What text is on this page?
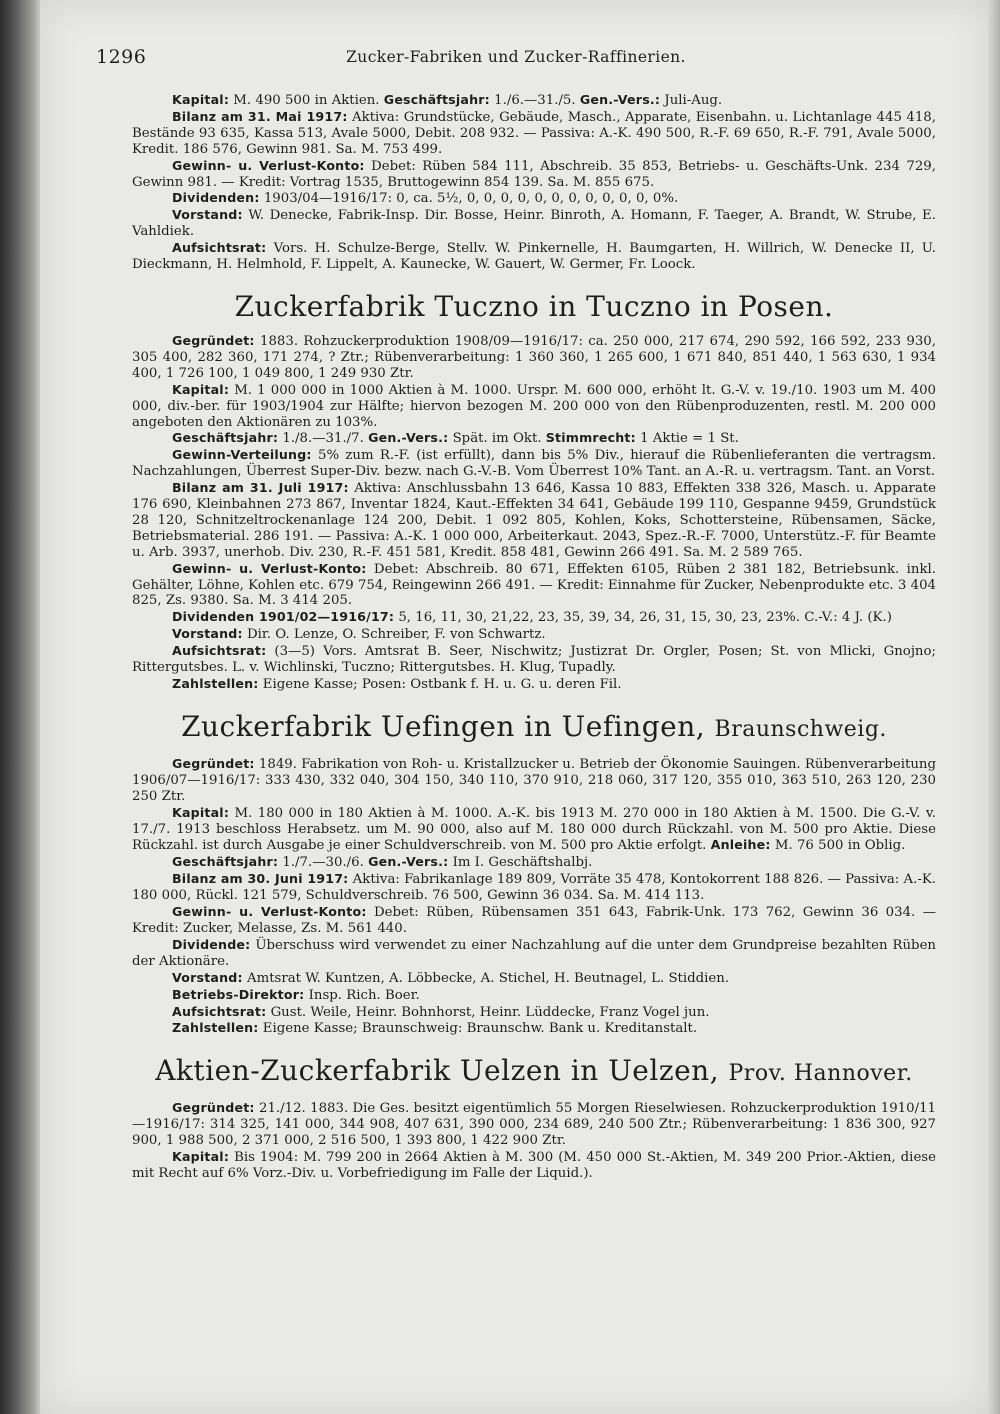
1296	Zucker-Fabriken und Zucker-Raffinerien.

Kapital: M. 490 500 in Aktien. Geschäftsjahr: 1./6.—31./5. Gen.-Vers.: Juli-Aug.

Bilanz am 31. Mai 1917: Aktiva: Grundstücke, Gebäude, Masch., Apparate, Eisenbahn. u. Lichtanlage 445 418, Bestände 93 635, Kassa 513, Avale 5000, Debit. 208 932. — Passiva: A.-K. 490 500, R.-F. 69 650, R.-F. 791, Avale 5000, Kredit. 186 576, Gewinn 981. Sa. M. 753 499.

Gewinn- u. Verlust-Konto: Debet: Rüben 584 111, Abschreib. 35 853, Betriebs- u. Geschäfts-Unk. 234 729, Gewinn 981. — Kredit: Vortrag 1535, Bruttogewinn 854 139. Sa. M. 855 675.

Dividenden: 1903/04—1916/17: 0, ca. 5½, 0, 0, 0, 0, 0, 0, 0, 0, 0, 0, 0, 0%.

Vorstand: W. Denecke, Fabrik-Insp. Dir. Bosse, Heinr. Binroth, A. Homann, F. Taeger, A. Brandt, W. Strube, E. Vahldiek.

Aufsichtsrat: Vors. H. Schulze-Berge, Stellv. W. Pinkernelle, H. Baumgarten, H. Willrich, W. Denecke II, U. Dieckmann, H. Helmhold, F. Lippelt, A. Kaunecke, W. Gauert, W. Germer, Fr. Loock.

Zuckerfabrik Tuczno in Tuczno in Posen.

Gegründet: 1883. Rohzuckerproduktion 1908/09—1916/17: ca. 250 000, 217 674, 290 592, 166 592, 233 930, 305 400, 282 360, 171 274, ? Ztr.; Rübenverarbeitung: 1 360 360, 1 265 600, 1 671 840, 851 440, 1 563 630, 1 934 400, 1 726 100, 1 049 800, 1 249 930 Ztr.

Kapital: M. 1 000 000 in 1000 Aktien à M. 1000. Urspr. M. 600 000, erhöht lt. G.-V. v. 19./10. 1903 um M. 400 000, div.-ber. für 1903/1904 zur Hälfte; hiervon bezogen M. 200 000 von den Rübenproduzenten, restl. M. 200 000 angeboten den Aktionären zu 103%.

Geschäftsjahr: 1./8.—31./7. Gen.-Vers.: Spät. im Okt. Stimmrecht: 1 Aktie = 1 St.

Gewinn-Verteilung: 5% zum R.-F. (ist erfüllt), dann bis 5% Div., hierauf die Rübenlieferanten die vertragsm. Nachzahlungen, Überrest Super-Div. bezw. nach G.-V.-B. Vom Überrest 10% Tant. an A.-R. u. vertragsm. Tant. an Vorst.

Bilanz am 31. Juli 1917: Aktiva: Anschlussbahn 13 646, Kassa 10 883, Effekten 338 326, Masch. u. Apparate 176 690, Kleinbahnen 273 867, Inventar 1824, Kaut.-Effekten 34 641, Gebäude 199 110, Gespanne 9459, Grundstück 28 120, Schnitzeltrockenanlage 124 200, Debit. 1 092 805, Kohlen, Koks, Schottersteine, Rübensamen, Säcke, Betriebsmaterial. 286 191. — Passiva: A.-K. 1 000 000, Arbeiterkaut. 2043, Spez.-R.-F. 7000, Unterstütz.-F. für Beamte u. Arb. 3937, unerhob. Div. 230, R.-F. 451 581, Kredit. 858 481, Gewinn 266 491. Sa. M. 2 589 765.

Gewinn- u. Verlust-Konto: Debet: Abschreib. 80 671, Effekten 6105, Rüben 2 381 182, Betriebsunk. inkl. Gehälter, Löhne, Kohlen etc. 679 754, Reingewinn 266 491. — Kredit: Einnahme für Zucker, Nebenprodukte etc. 3 404 825, Zs. 9380. Sa. M. 3 414 205.

Dividenden 1901/02—1916/17: 5, 16, 11, 30, 21,22, 23, 35, 39, 34, 26, 31, 15, 30, 23, 23%. C.-V.: 4 J. (K.)

Vorstand: Dir. O. Lenze, O. Schreiber, F. von Schwartz.

Aufsichtsrat: (3—5) Vors. Amtsrat B. Seer, Nischwitz; Justizrat Dr. Orgler, Posen; St. von Mlicki, Gnojno; Rittergutsbes. L. v. Wichlinski, Tuczno; Rittergutsbes. H. Klug, Tupadly.

Zahlstellen: Eigene Kasse; Posen: Ostbank f. H. u. G. u. deren Fil.

Zuckerfabrik Uefingen in Uefingen, Braunschweig.

Gegründet: 1849. Fabrikation von Roh- u. Kristallzucker u. Betrieb der Ökonomie Sauingen. Rübenverarbeitung 1906/07—1916/17: 333 430, 332 040, 304 150, 340 110, 370 910, 218 060, 317 120, 355 010, 363 510, 263 120, 230 250 Ztr.

Kapital: M. 180 000 in 180 Aktien à M. 1000. A.-K. bis 1913 M. 270 000 in 180 Aktien à M. 1500. Die G.-V. v. 17./7. 1913 beschloss Herabsetz. um M. 90 000, also auf M. 180 000 durch Rückzahl. von M. 500 pro Aktie. Diese Rückzahl. ist durch Ausgabe je einer Schuldverschreib. von M. 500 pro Aktie erfolgt. Anleihe: M. 76 500 in Oblig.

Geschäftsjahr: 1./7.—30./6. Gen.-Vers.: Im I. Geschäftshalbj.

Bilanz am 30. Juni 1917: Aktiva: Fabrikanlage 189 809, Vorräte 35 478, Kontokorrent 188 826. — Passiva: A.-K. 180 000, Rückl. 121 579, Schuldverschreib. 76 500, Gewinn 36 034. Sa. M. 414 113.

Gewinn- u. Verlust-Konto: Debet: Rüben, Rübensamen 351 643, Fabrik-Unk. 173 762, Gewinn 36 034. — Kredit: Zucker, Melasse, Zs. M. 561 440.

Dividende: Überschuss wird verwendet zu einer Nachzahlung auf die unter dem Grundpreise bezahlten Rüben der Aktionäre.

Vorstand: Amtsrat W. Kuntzen, A. Löbbecke, A. Stichel, H. Beutnagel, L. Stiddien.

Betriebs-Direktor: Insp. Rich. Boer.

Aufsichtsrat: Gust. Weile, Heinr. Bohnhorst, Heinr. Lüddecke, Franz Vogel jun.

Zahlstellen: Eigene Kasse; Braunschweig: Braunschw. Bank u. Kreditanstalt.

Aktien-Zuckerfabrik Uelzen in Uelzen, Prov. Hannover.

Gegründet: 21./12. 1883. Die Ges. besitzt eigentümlich 55 Morgen Rieselwiesen. Rohzuckerproduktion 1910/11—1916/17: 314 325, 141 000, 344 908, 407 631, 390 000, 234 689, 240 500 Ztr.; Rübenverarbeitung: 1 836 300, 927 900, 1 988 500, 2 371 000, 2 516 500, 1 393 800, 1 422 900 Ztr.

Kapital: Bis 1904: M. 799 200 in 2664 Aktien à M. 300 (M. 450 000 St.-Aktien, M. 349 200 Prior.-Aktien, diese mit Recht auf 6% Vorz.-Div. u. Vorbefriedigung im Falle der Liquid.).
